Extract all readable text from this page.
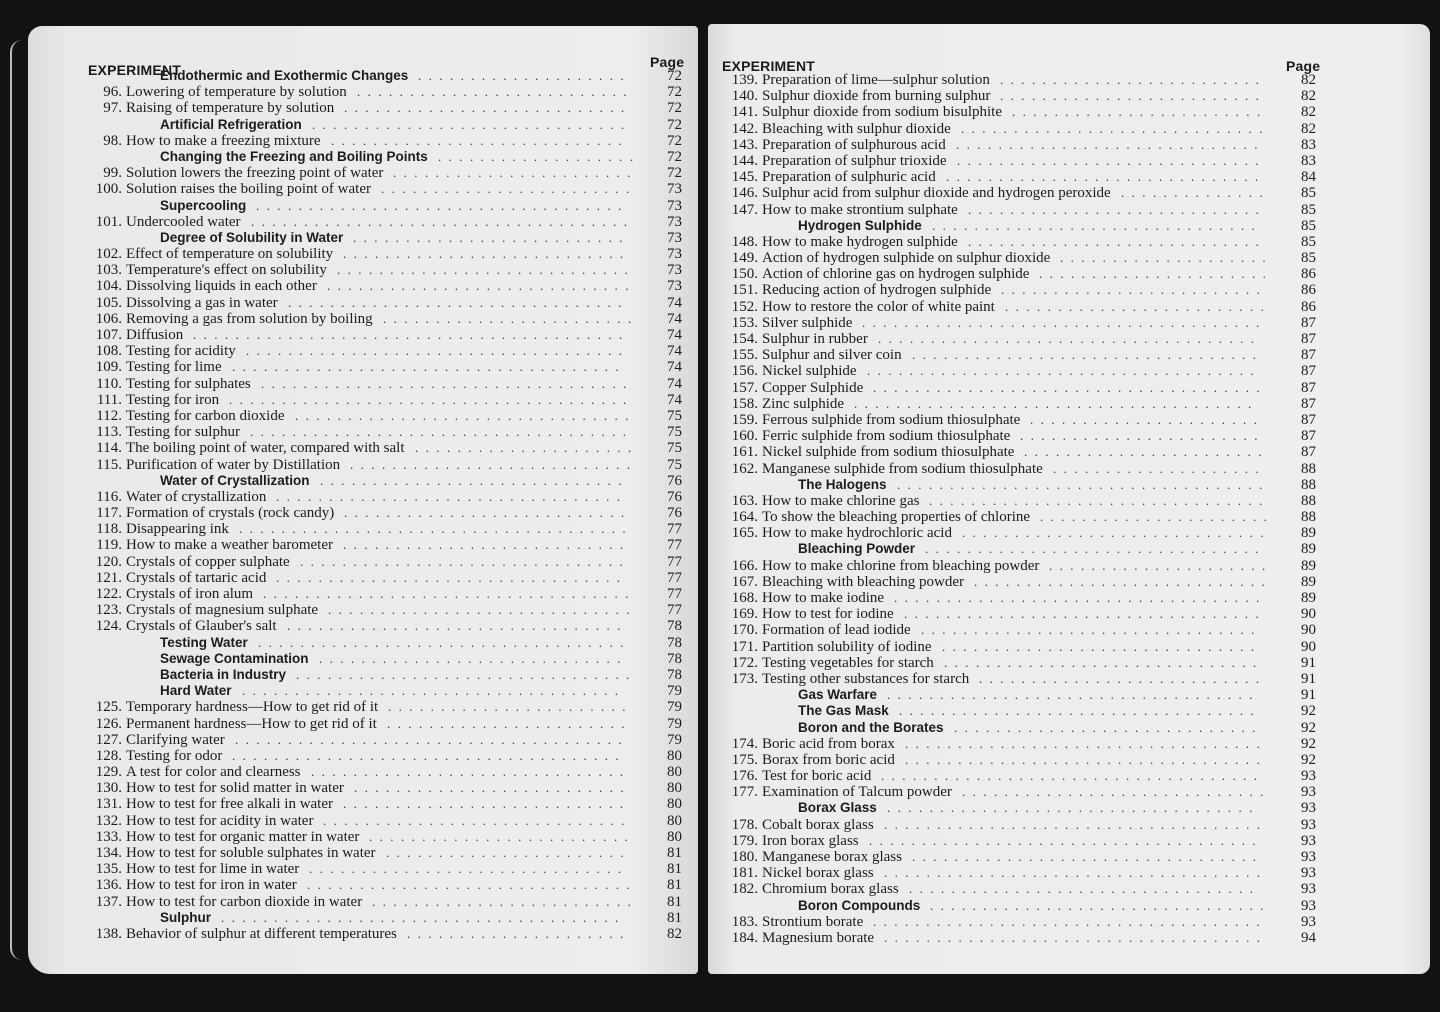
EXPERIMENT	Page
Endothermic and Exothermic Changes ....................	72
96. Lowering of temperature by solution ..........................	72
97. Raising of temperature by solution ...........................	72
Artificial Refrigeration ..............................	72
98. How to make a freezing mixture ............................	72
Changing the Freezing and Boiling Points ...................	72
99. Solution lowers the freezing point of water .......................	72
100. Solution raises the boiling point of water ........................	73
Supercooling ...................................	73
101. Undercooled water ....................................	73
Degree of Solubility in Water ..........................	73
102. Effect of temperature on solubility ...........................	73
103. Temperature's effect on solubility ............................	73
104. Dissolving liquids in each other .............................	73
105. Dissolving a gas in water ................................	74
106. Removing a gas from solution by boiling ........................	74
107. Diffusion .........................................	74
108. Testing for acidity ....................................	74
109. Testing for lime .....................................	74
110. Testing for sulphates ...................................	74
111. Testing for iron ......................................	74
112. Testing for carbon dioxide ................................	75
113. Testing for sulphur ....................................	75
114. The boiling point of water, compared with salt .....................	75
115. Purification of water by Distillation ...........................	75
Water of Crystallization .............................	76
116. Water of crystallization .................................	76
117. Formation of crystals (rock candy) ...........................	76
118. Disappearing ink .....................................	77
119. How to make a weather barometer ...........................	77
120. Crystals of copper sulphate ...............................	77
121. Crystals of tartaric acid .................................	77
122. Crystals of iron alum ...................................	77
123. Crystals of magnesium sulphate .............................	77
124. Crystals of Glauber's salt ................................	78
Testing Water ...................................	78
Sewage Contamination .............................	78
Bacteria in Industry ................................	78
Hard Water ....................................	79
125. Temporary hardness—How to get rid of it .......................	79
126. Permanent hardness—How to get rid of it .......................	79
127. Clarifying water .....................................	79
128. Testing for odor .....................................	80
129. A test for color and clearness ..............................	80
130. How to test for solid matter in water ..........................	80
131. How to test for free alkali in water ...........................	80
132. How to test for acidity in water .............................	80
133. How to test for organic matter in water .........................	80
134. How to test for soluble sulphates in water .......................	81
135. How to test for lime in water ..............................	81
136. How to test for iron in water ...............................	81
137. How to test for carbon dioxide in water .........................	81
Sulphur ......................................	81
138. Behavior of sulphur at different temperatures .....................	82
EXPERIMENT	Page
139. Preparation of lime—sulphur solution .........................	82
140. Sulphur dioxide from burning sulphur .........................	82
141. Sulphur dioxide from sodium bisulphite ........................	82
142. Bleaching with sulphur dioxide .............................	82
143. Preparation of sulphurous acid .............................	83
144. Preparation of sulphur trioxide .............................	83
145. Preparation of sulphuric acid ..............................	84
146. Sulphur acid from sulphur dioxide and hydrogen peroxide ..............	85
147. How to make strontium sulphate ............................	85
Hydrogen Sulphide ...............................	85
148. How to make hydrogen sulphide ............................	85
149. Action of hydrogen sulphide on sulphur dioxide ....................	85
150. Action of chlorine gas on hydrogen sulphide ......................	86
151. Reducing action of hydrogen sulphide .........................	86
152. How to restore the color of white paint .........................	86
153. Silver sulphide ......................................	87
154. Sulphur in rubber ....................................	87
155. Sulphur and silver coin .................................	87
156. Nickel sulphide .....................................	87
157. Copper Sulphide .....................................	87
158. Zinc sulphide ......................................	87
159. Ferrous sulphide from sodium thiosulphate ......................	87
160. Ferric sulphide from sodium thiosulphate .......................	87
161. Nickel sulphide from sodium thiosulphate .......................	87
162. Manganese sulphide from sodium thiosulphate ....................	88
The Halogens ...................................	88
163. How to make chlorine gas ................................	88
164. To show the bleaching properties of chlorine ......................	88
165. How to make hydrochloric acid .............................	89
Bleaching Powder ................................	89
166. How to make chlorine from bleaching powder .....................	89
167. Bleaching with bleaching powder ............................	89
168. How to make iodine ...................................	89
169. How to test for iodine ..................................	90
170. Formation of lead iodide ................................	90
171. Partition solubility of iodine ..............................	90
172. Testing vegetables for starch ..............................	91
173. Testing other substances for starch ...........................	91
Gas Warfare ...................................	91
The Gas Mask ..................................	92
Boron and the Borates .............................	92
174. Boric acid from borax ..................................	92
175. Borax from boric acid ..................................	92
176. Test for boric acid ....................................	93
177. Examination of Talcum powder .............................	93
Borax Glass ...................................	93
178. Cobalt borax glass ....................................	93
179. Iron borax glass .....................................	93
180. Manganese borax glass .................................	93
181. Nickel borax glass ....................................	93
182. Chromium borax glass .................................	93
Boron Compounds ................................	93
183. Strontium borate .....................................	93
184. Magnesium borate ....................................	94
